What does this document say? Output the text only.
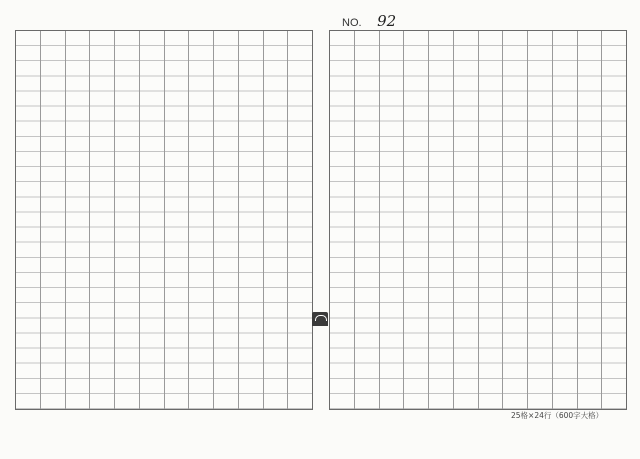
NO. 92
25格×24行（600字大格）
